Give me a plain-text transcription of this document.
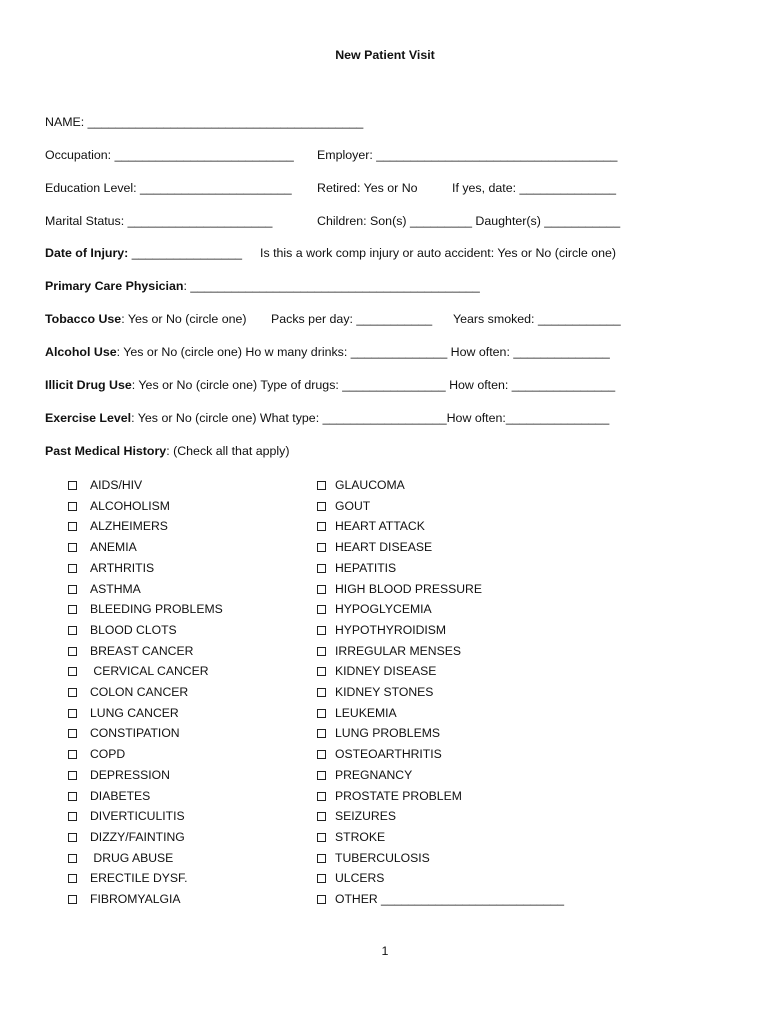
New Patient Visit
NAME: ________________________________________
Occupation: __________________________ Employer: ___________________________________
Education Level: ______________________ Retired: Yes or No	If yes, date: ______________
Marital Status: _____________________	Children: Son(s) _________ Daughter(s) ___________
Date of Injury: ________________ Is this a work comp injury or auto accident: Yes or No (circle one)
Primary Care Physician: __________________________________________
Tobacco Use: Yes or No (circle one) Packs per day: ___________ Years smoked: ____________
Alcohol Use: Yes or No (circle one) Ho w many drinks: ______________ How often: ______________
Illicit Drug Use: Yes or No (circle one) Type of drugs: _______________ How often: _______________
Exercise Level: Yes or No (circle one) What type: __________________How often:_______________
Past Medical History: (Check all that apply)
AIDS/HIV
ALCOHOLISM
ALZHEIMERS
ANEMIA
ARTHRITIS
ASTHMA
BLEEDING PROBLEMS
BLOOD CLOTS
BREAST CANCER
CERVICAL CANCER
COLON CANCER
LUNG CANCER
CONSTIPATION
COPD
DEPRESSION
DIABETES
DIVERTICULITIS
DIZZY/FAINTING
DRUG ABUSE
ERECTILE DYSF.
FIBROMYALGIA
GLAUCOMA
GOUT
HEART ATTACK
HEART DISEASE
HEPATITIS
HIGH BLOOD PRESSURE
HYPOGLYCEMIA
HYPOTHYROIDISM
IRREGULAR MENSES
KIDNEY DISEASE
KIDNEY STONES
LEUKEMIA
LUNG PROBLEMS
OSTEOARTHRITIS
PREGNANCY
PROSTATE PROBLEM
SEIZURES
STROKE
TUBERCULOSIS
ULCERS
OTHER ___________________________
1
